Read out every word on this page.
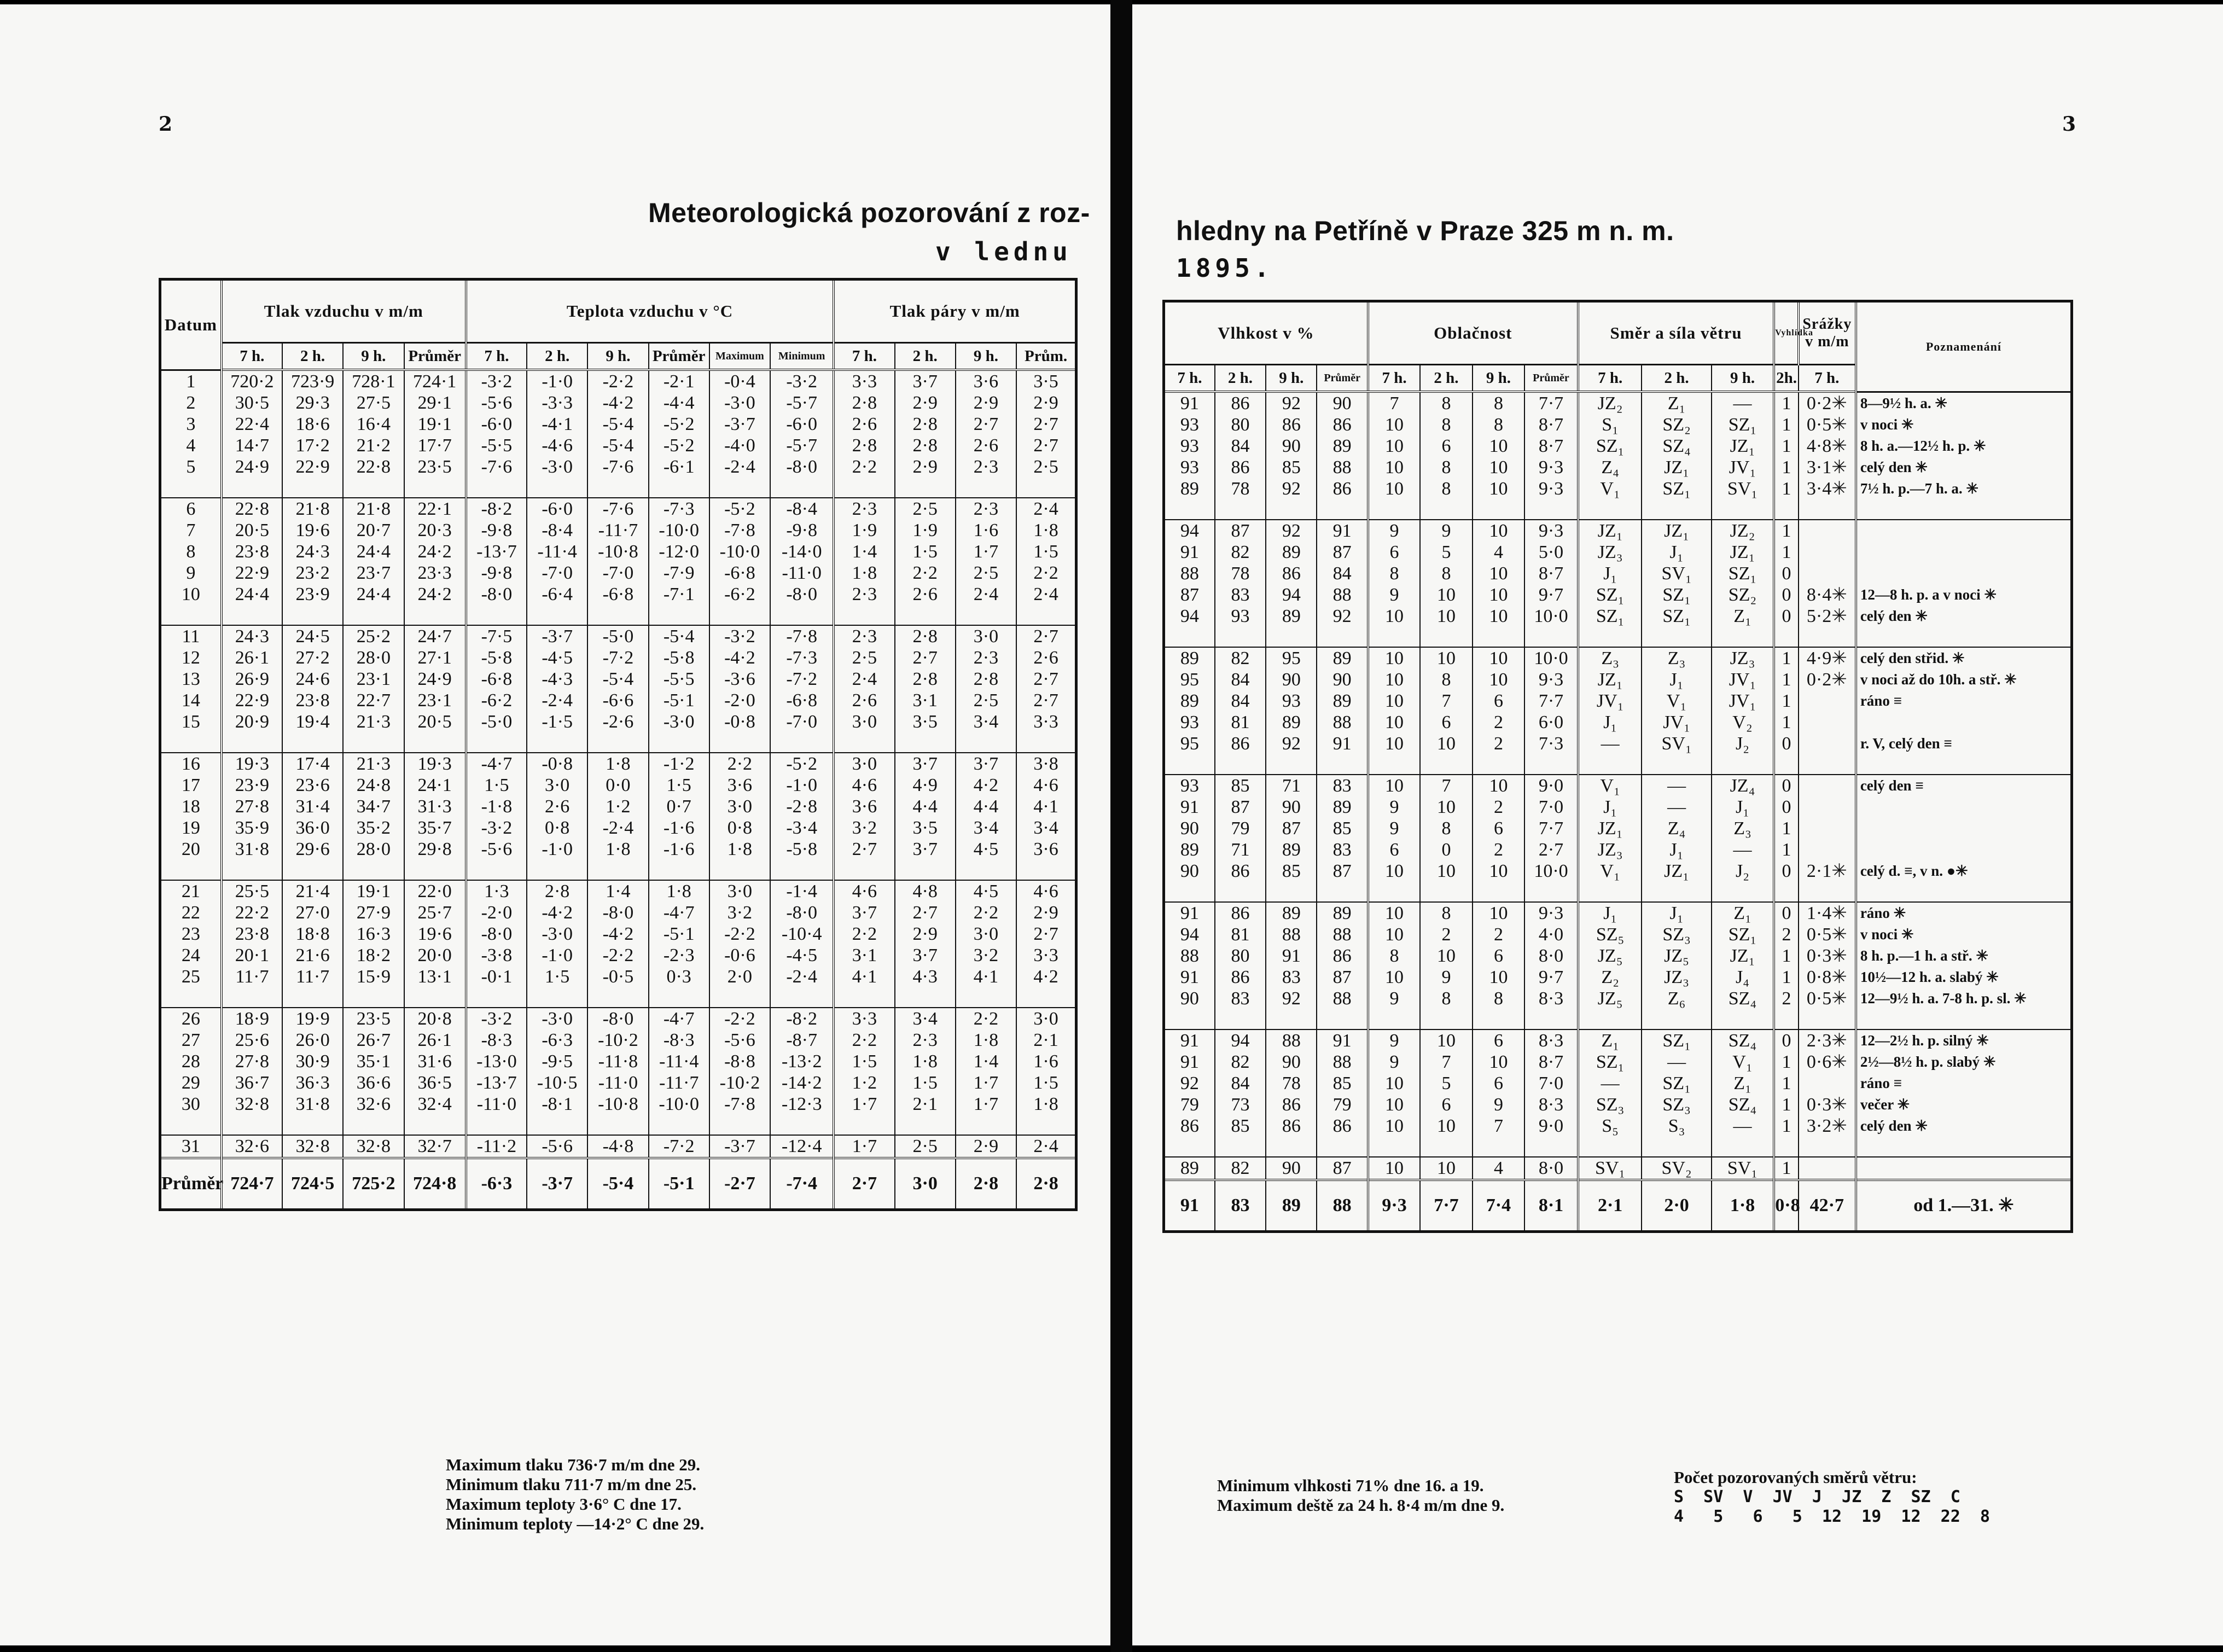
2
Meteorologická pozorování z roz-
v lednu
Datum	Tlak vzduchu v m/m				Teplota vzduchu v °C						Tlak páry v m/m			
	7 h.	2 h.	9 h.	Průměr	7 h.	2 h.	9 h.	Průměr	Maximum	Minimum	7 h.	2 h.	9 h.	Prům.
1	720·2	723·9	728·1	724·1	-3·2	-1·0	-2·2	-2·1	-0·4	-3·2	3·3	3·7	3·6	3·5
2	30·5	29·3	27·5	29·1	-5·6	-3·3	-4·2	-4·4	-3·0	-5·7	2·8	2·9	2·9	2·9
3	22·4	18·6	16·4	19·1	-6·0	-4·1	-5·4	-5·2	-3·7	-6·0	2·6	2·8	2·7	2·7
4	14·7	17·2	21·2	17·7	-5·5	-4·6	-5·4	-5·2	-4·0	-5·7	2·8	2·8	2·6	2·7
5	24·9	22·9	22·8	23·5	-7·6	-3·0	-7·6	-6·1	-2·4	-8·0	2·2	2·9	2·3	2·5

6	22·8	21·8	21·8	22·1	-8·2	-6·0	-7·6	-7·3	-5·2	-8·4	2·3	2·5	2·3	2·4
7	20·5	19·6	20·7	20·3	-9·8	-8·4	-11·7	-10·0	-7·8	-9·8	1·9	1·9	1·6	1·8
8	23·8	24·3	24·4	24·2	-13·7	-11·4	-10·8	-12·0	-10·0	-14·0	1·4	1·5	1·7	1·5
9	22·9	23·2	23·7	23·3	-9·8	-7·0	-7·0	-7·9	-6·8	-11·0	1·8	2·2	2·5	2·2
10	24·4	23·9	24·4	24·2	-8·0	-6·4	-6·8	-7·1	-6·2	-8·0	2·3	2·6	2·4	2·4

11	24·3	24·5	25·2	24·7	-7·5	-3·7	-5·0	-5·4	-3·2	-7·8	2·3	2·8	3·0	2·7
12	26·1	27·2	28·0	27·1	-5·8	-4·5	-7·2	-5·8	-4·2	-7·3	2·5	2·7	2·3	2·6
13	26·9	24·6	23·1	24·9	-6·8	-4·3	-5·4	-5·5	-3·6	-7·2	2·4	2·8	2·8	2·7
14	22·9	23·8	22·7	23·1	-6·2	-2·4	-6·6	-5·1	-2·0	-6·8	2·6	3·1	2·5	2·7
15	20·9	19·4	21·3	20·5	-5·0	-1·5	-2·6	-3·0	-0·8	-7·0	3·0	3·5	3·4	3·3

16	19·3	17·4	21·3	19·3	-4·7	-0·8	1·8	-1·2	2·2	-5·2	3·0	3·7	3·7	3·8
17	23·9	23·6	24·8	24·1	1·5	3·0	0·0	1·5	3·6	-1·0	4·6	4·9	4·2	4·6
18	27·8	31·4	34·7	31·3	-1·8	2·6	1·2	0·7	3·0	-2·8	3·6	4·4	4·4	4·1
19	35·9	36·0	35·2	35·7	-3·2	0·8	-2·4	-1·6	0·8	-3·4	3·2	3·5	3·4	3·4
20	31·8	29·6	28·0	29·8	-5·6	-1·0	1·8	-1·6	1·8	-5·8	2·7	3·7	4·5	3·6

21	25·5	21·4	19·1	22·0	1·3	2·8	1·4	1·8	3·0	-1·4	4·6	4·8	4·5	4·6
22	22·2	27·0	27·9	25·7	-2·0	-4·2	-8·0	-4·7	3·2	-8·0	3·7	2·7	2·2	2·9
23	23·8	18·8	16·3	19·6	-8·0	-3·0	-4·2	-5·1	-2·2	-10·4	2·2	2·9	3·0	2·7
24	20·1	21·6	18·2	20·0	-3·8	-1·0	-2·2	-2·3	-0·6	-4·5	3·1	3·7	3·2	3·3
25	11·7	11·7	15·9	13·1	-0·1	1·5	-0·5	0·3	2·0	-2·4	4·1	4·3	4·1	4·2

26	18·9	19·9	23·5	20·8	-3·2	-3·0	-8·0	-4·7	-2·2	-8·2	3·3	3·4	2·2	3·0
27	25·6	26·0	26·7	26·1	-8·3	-6·3	-10·2	-8·3	-5·6	-8·7	2·2	2·3	1·8	2·1
28	27·8	30·9	35·1	31·6	-13·0	-9·5	-11·8	-11·4	-8·8	-13·2	1·5	1·8	1·4	1·6
29	36·7	36·3	36·6	36·5	-13·7	-10·5	-11·0	-11·7	-10·2	-14·2	1·2	1·5	1·7	1·5
30	32·8	31·8	32·6	32·4	-11·0	-8·1	-10·8	-10·0	-7·8	-12·3	1·7	2·1	1·7	1·8

31	32·6	32·8	32·8	32·7	-11·2	-5·6	-4·8	-7·2	-3·7	-12·4	1·7	2·5	2·9	2·4
Průměr	724·7	724·5	725·2	724·8	-6·3	-3·7	-5·4	-5·1	-2·7	-7·4	2·7	3·0	2·8	2·8
Maximum tlaku 736·7 m/m dne 29.
Minimum tlaku 711·7 m/m dne 25.
Maximum teploty 3·6° C dne 17.
Minimum teploty —14·2° C dne 29.
3
hledny na Petříně v Praze 325 m n. m.
1895.
Vlhkost v %				Oblačnost				Směr a síla větru			Vyhlídka	Srážky v m/m	Poznamenání
7 h.	2 h.	9 h.	Průměr	7 h.	2 h.	9 h.	Průměr	7 h.	2 h.	9 h.	2h.	7 h.	
91	86	92	90	7	8	8	7·7	JZ₂	Z₁	—	1	0·2✳	8—9½ h. a. ✳
93	80	86	86	10	8	8	8·7	S₁	SZ₂	SZ₁	1	0·5✳	v noci ✳
93	84	90	89	10	6	10	8·7	SZ₁	SZ₄	JZ₁	1	4·8✳	8 h. a.—12½ h. p. ✳
93	86	85	88	10	8	10	9·3	Z₄	JZ₁	JV₁	1	3·1✳	celý den ✳
89	78	92	86	10	8	10	9·3	V₁	SZ₁	SV₁	1	3·4✳	7½ h. p.—7 h. a. ✳

94	87	92	91	9	9	10	9·3	JZ₁	JZ₁	JZ₂	1		
91	82	89	87	6	5	4	5·0	JZ₃	J₁	JZ₁	1		
88	78	86	84	8	8	10	8·7	J₁	SV₁	SZ₁	0		
87	83	94	88	9	10	10	9·7	SZ₁	SZ₁	SZ₂	0	8·4✳	12—8 h. p. a v noci ✳
94	93	89	92	10	10	10	10·0	SZ₁	SZ₁	Z₁	0	5·2✳	celý den ✳

89	82	95	89	10	10	10	10·0	Z₃	Z₃	JZ₃	1	4·9✳	celý den střid. ✳
95	84	90	90	10	8	10	9·3	JZ₁	J₁	JV₁	1	0·2✳	v noci až do 10h. a stř. ✳
89	84	93	89	10	7	6	7·7	JV₁	V₁	JV₁	1		ráno ≡
93	81	89	88	10	6	2	6·0	J₁	JV₁	V₂	1		
95	86	92	91	10	10	2	7·3	—	SV₁	J₂	0		r. V, celý den ≡

93	85	71	83	10	7	10	9·0	V₁	—	JZ₄	0		celý den ≡
91	87	90	89	9	10	2	7·0	J₁	—	J₁	0		
90	79	87	85	9	8	6	7·7	JZ₁	Z₄	Z₃	1		
89	71	89	83	6	0	2	2·7	JZ₃	J₁	—	1		
90	86	85	87	10	10	10	10·0	V₁	JZ₁	J₂	0	2·1✳	celý d. ≡, v n. ●✳

91	86	89	89	10	8	10	9·3	J₁	J₁	Z₁	0	1·4✳	ráno ✳
94	81	88	88	10	2	2	4·0	SZ₅	SZ₃	SZ₁	2	0·5✳	v noci ✳
88	80	91	86	8	10	6	8·0	JZ₅	JZ₅	JZ₁	1	0·3✳	8 h. p.—1 h. a stř. ✳
91	86	83	87	10	9	10	9·7	Z₂	JZ₃	J₄	1	0·8✳	10½—12 h. a. slabý ✳
90	83	92	88	9	8	8	8·3	JZ₅	Z₆	SZ₄	2	0·5✳	12—9½ h. a. 7-8 h. p. sl. ✳

91	94	88	91	9	10	6	8·3	Z₁	SZ₁	SZ₄	0	2·3✳	12—2½ h. p. silný ✳
91	82	90	88	9	7	10	8·7	SZ₁	—	V₁	1	0·6✳	2½—8½ h. p. slabý ✳
92	84	78	85	10	5	6	7·0	—	SZ₁	Z₁	1		ráno ≡
79	73	86	79	10	6	9	8·3	SZ₃	SZ₃	SZ₄	1	0·3✳	večer ✳
86	85	86	86	10	10	7	9·0	S₅	S₃	—	1	3·2✳	celý den ✳

89	82	90	87	10	10	4	8·0	SV₁	SV₂	SV₁	1		
91	83	89	88	9·3	7·7	7·4	8·1	2·1	2·0	1·8	0·8	42·7	od 1.—31. ✳
Minimum vlhkosti 71% dne 16. a 19.
Maximum deště za 24 h. 8·4 m/m dne 9.
Počet pozorovaných směrů větru:
S  SV  V  JV  J  JZ  Z  SZ  C
4   5   6   5  12  19  12  22  8
